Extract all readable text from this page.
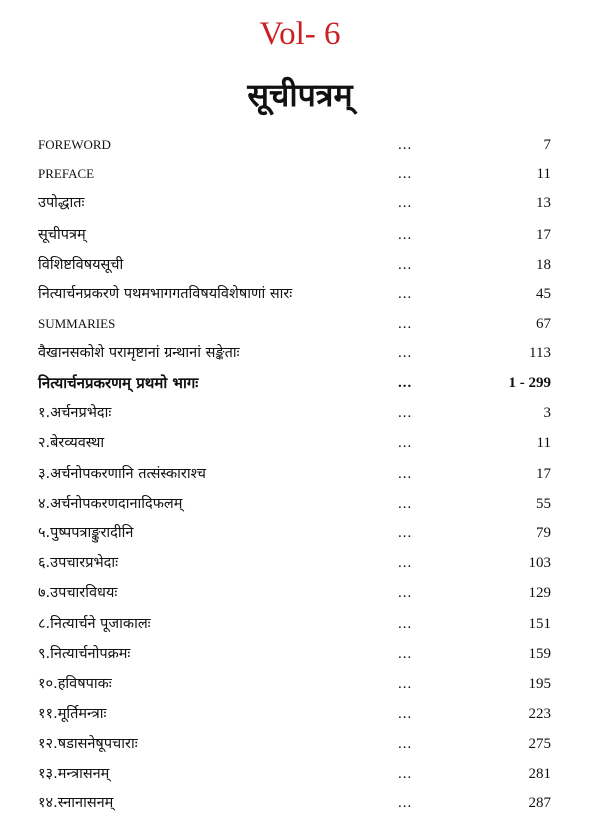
Vol- 6
सूचीपत्रम्
FOREWORD	...	7
PREFACE	...	11
उपोद्धातः	...	13
सूचीपत्रम्	...	17
विशिष्टविषयसूची	...	18
नित्यार्चनप्रकरणे पथमभागगतविषयविशेषाणां सारः	...	45
SUMMARIES	...	67
वैखानसकोशे परामृष्टानां ग्रन्थानां सङ्केताः	...	113
नित्यार्चनप्रकरणम् प्रथमो भागः	...	1 - 299
१.अर्चनप्रभेदाः	...	3
२.बेरव्यवस्था	...	11
३.अर्चनोपकरणानि तत्संस्काराश्च	...	17
४.अर्चनोपकरणदानादिफलम्	...	55
५.पुष्पपत्राङ्कुरादीनि	...	79
६.उपचारप्रभेदाः	...	103
७.उपचारविधयः	...	129
८.नित्यार्चने पूजाकालः	...	151
९.नित्यार्चनोपक्रमः	...	159
१०.हविषपाकः	...	195
११.मूर्तिमन्त्राः	...	223
१२.षडासनेषूपचाराः	...	275
१३.मन्त्रासनम्	...	281
१४.स्नानासनम्	...	287
